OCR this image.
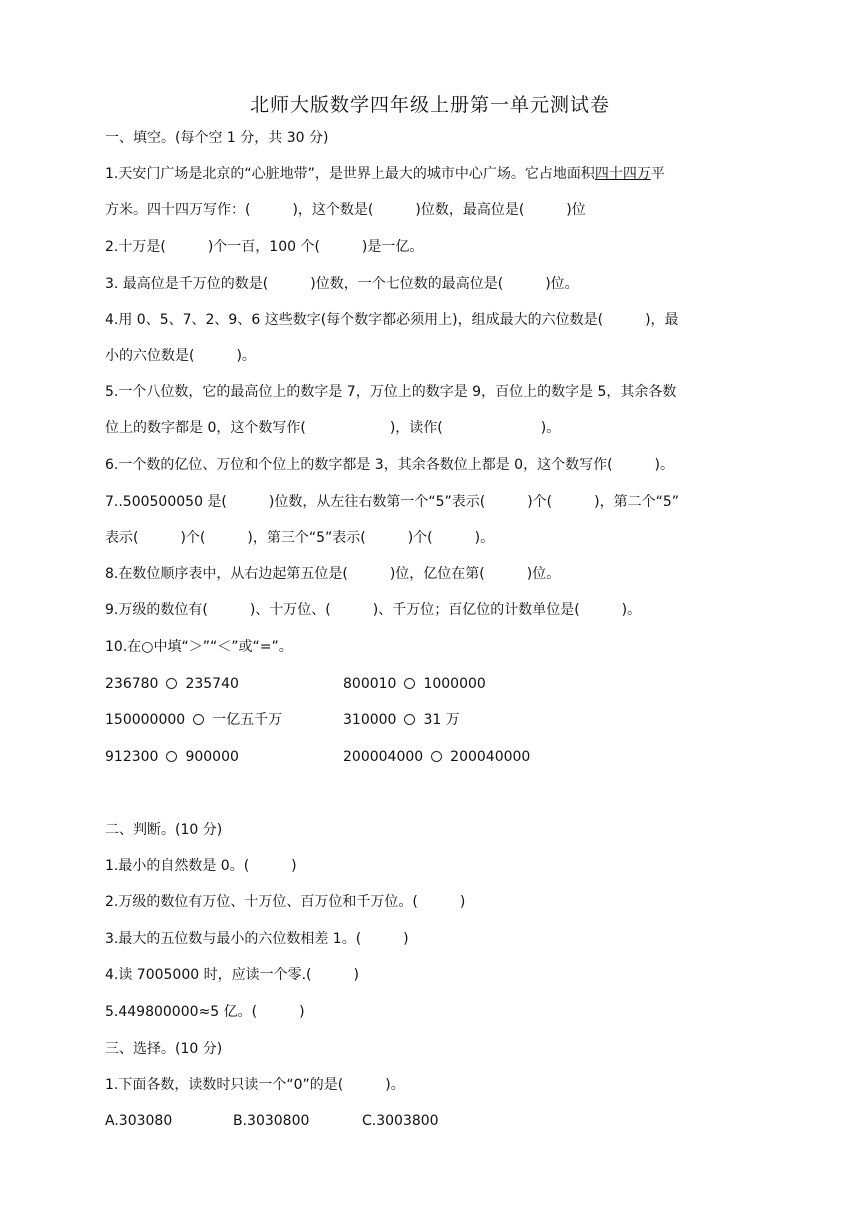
北师大版数学四年级上册第一单元测试卷
一、填空。(每个空 1 分，共 30 分)
1.天安门广场是北京的“心脏地带”，是世界上最大的城市中心广场。它占地面积四十四万平
方米。四十四万写作：(　　　)，这个数是(　　　)位数，最高位是(　　　)位
2.十万是(　　　)个一百，100 个(　　　)是一亿。
3. 最高位是千万位的数是(　　　)位数，一个七位数的最高位是(　　　)位。
4.用 0、5、7、2、9、6 这些数字(每个数字都必须用上)，组成最大的六位数是(　　　)，最
小的六位数是(　　　)。
5.一个八位数，它的最高位上的数字是 7，万位上的数字是 9，百位上的数字是 5，其余各数
位上的数字都是 0，这个数写作(　　　　　　)，读作(　　　　　　　)。
6.一个数的亿位、万位和个位上的数字都是 3，其余各数位上都是 0，这个数写作(　　　)。
7..500500050 是(　　　)位数，从左往右数第一个“5”表示(　　　)个(　　　)，第二个“5”
表示(　　　)个(　　　)，第三个“5”表示(　　　)个(　　　)。
8.在数位顺序表中，从右边起第五位是(　　　)位，亿位在第(　　　)位。
9.万级的数位有(　　　)、十万位、(　　　)、千万位；百亿位的计数单位是(　　　)。
10.在○中填“＞”“＜”或“=”。
236780 235740	800010 1000000
150000000 一亿五千万	310000 31 万
912300 900000	200004000 200040000
二、判断。(10 分)
1.最小的自然数是 0。(　　　)
2.万级的数位有万位、十万位、百万位和千万位。(　　　)
3.最大的五位数与最小的六位数相差 1。(　　　)
4.读 7005000 时，应读一个零.(　　　)
5.449800000≈5 亿。(　　　)
三、选择。(10 分)
1.下面各数，读数时只读一个“0”的是(　　　)。
A.303080	B.3030800	C.3003800
